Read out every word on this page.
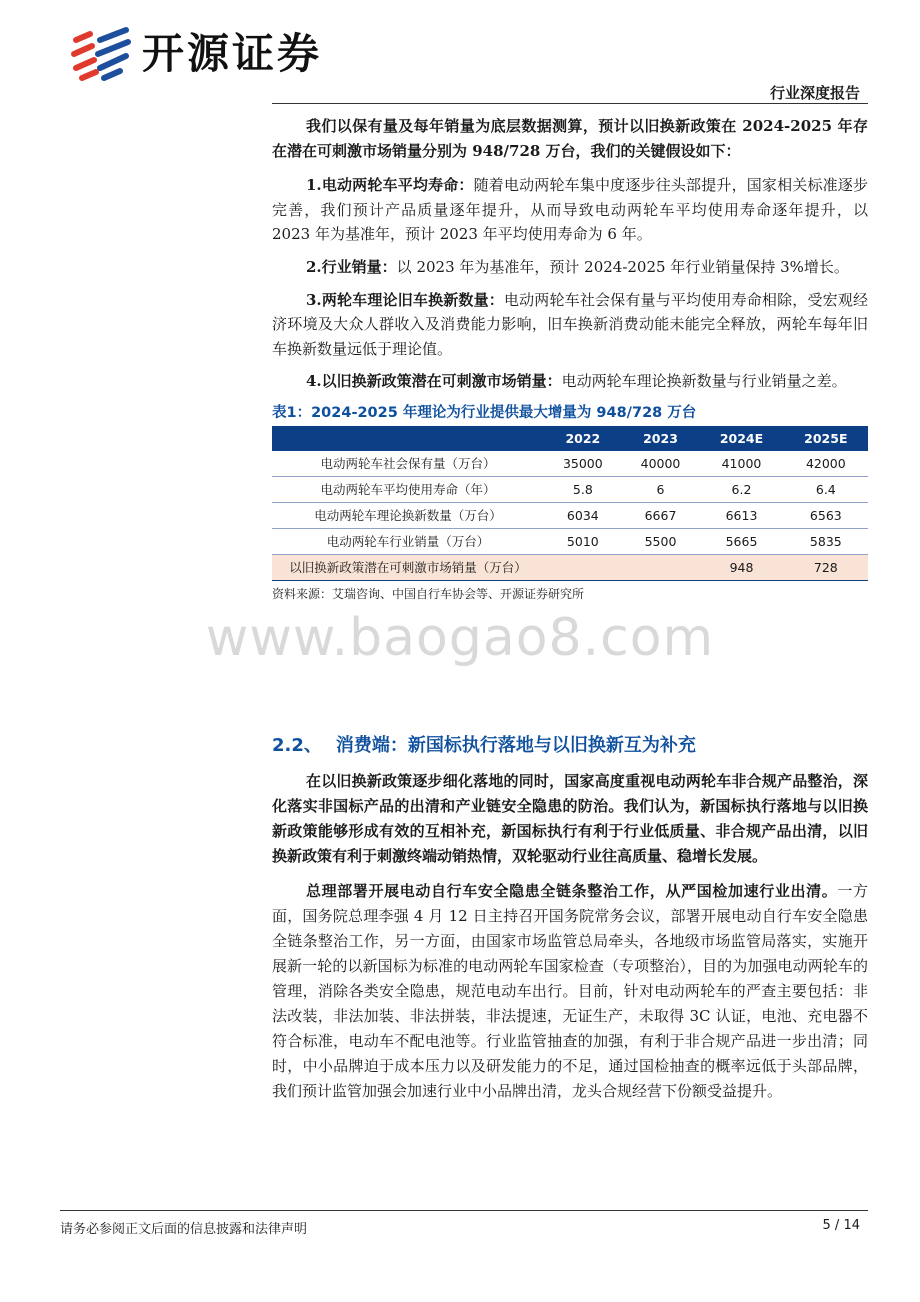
开源证券
行业深度报告

我们以保有量及每年销量为底层数据测算，预计以旧换新政策在 2024-2025 年存在潜在可刺激市场销量分别为 948/728 万台，我们的关键假设如下：

1.电动两轮车平均寿命：随着电动两轮车集中度逐步往头部提升，国家相关标准逐步完善，我们预计产品质量逐年提升，从而导致电动两轮车平均使用寿命逐年提升，以 2023 年为基准年，预计 2023 年平均使用寿命为 6 年。

2.行业销量：以 2023 年为基准年，预计 2024-2025 年行业销量保持 3%增长。

3.两轮车理论旧车换新数量：电动两轮车社会保有量与平均使用寿命相除，受宏观经济环境及大众人群收入及消费能力影响，旧车换新消费动能未能完全释放，两轮车每年旧车换新数量远低于理论值。

4.以旧换新政策潜在可刺激市场销量：电动两轮车理论换新数量与行业销量之差。

表1：2024-2025 年理论为行业提供最大增量为 948/728 万台
	2022	2023	2024E	2025E
电动两轮车社会保有量（万台）	35000	40000	41000	42000
电动两轮车平均使用寿命（年）	5.8	6	6.2	6.4
电动两轮车理论换新数量（万台）	6034	6667	6613	6563
电动两轮车行业销量（万台）	5010	5500	5665	5835
以旧换新政策潜在可刺激市场销量（万台）			948	728
资料来源：艾瑞咨询、中国自行车协会等、开源证券研究所
www.baogao8.com
2.2、 消费端：新国标执行落地与以旧换新互为补充

在以旧换新政策逐步细化落地的同时，国家高度重视电动两轮车非合规产品整治，深化落实非国标产品的出清和产业链安全隐患的防治。我们认为，新国标执行落地与以旧换新政策能够形成有效的互相补充，新国标执行有利于行业低质量、非合规产品出清，以旧换新政策有利于刺激终端动销热情，双轮驱动行业往高质量、稳增长发展。

总理部署开展电动自行车安全隐患全链条整治工作，从严国检加速行业出清。一方面，国务院总理李强 4 月 12 日主持召开国务院常务会议，部署开展电动自行车安全隐患全链条整治工作，另一方面，由国家市场监管总局牵头，各地级市场监管局落实，实施开展新一轮的以新国标为标准的电动两轮车国家检查（专项整治），目的为加强电动两轮车的管理，消除各类安全隐患，规范电动车出行。目前，针对电动两轮车的严查主要包括：非法改装，非法加装、非法拼装，非法提速，无证生产，未取得 3C 认证，电池、充电器不符合标准，电动车不配电池等。行业监管抽查的加强，有利于非合规产品进一步出清；同时，中小品牌迫于成本压力以及研发能力的不足，通过国检抽查的概率远低于头部品牌，我们预计监管加强会加速行业中小品牌出清，龙头合规经营下份额受益提升。

请务必参阅正文后面的信息披露和法律声明	5 / 14
